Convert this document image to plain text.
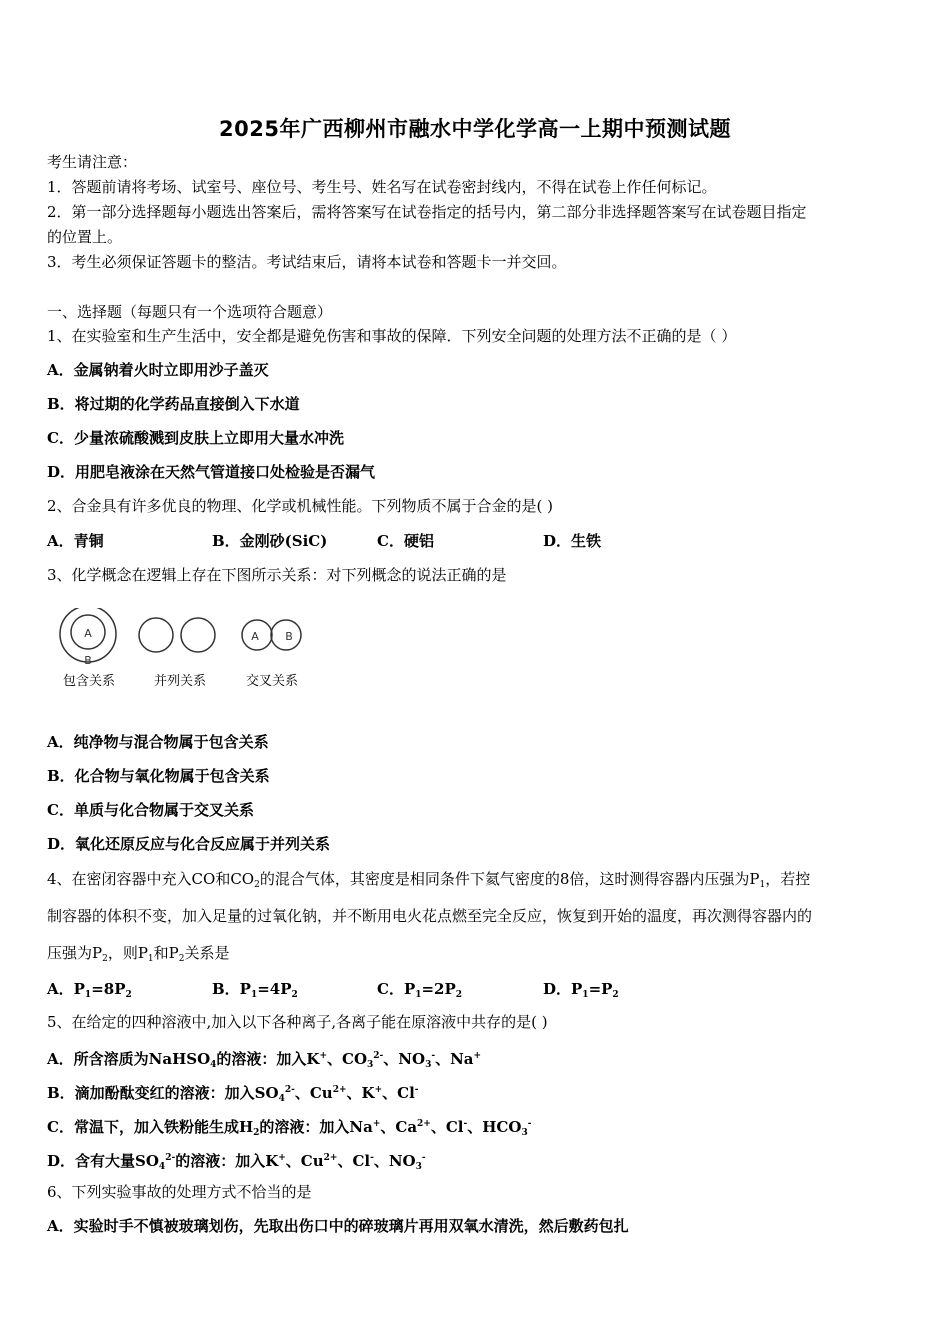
2025年广西柳州市融水中学化学高一上期中预测试题
考生请注意：
1．答题前请将考场、试室号、座位号、考生号、姓名写在试卷密封线内，不得在试卷上作任何标记。
2．第一部分选择题每小题选出答案后，需将答案写在试卷指定的括号内，第二部分非选择题答案写在试卷题目指定
的位置上。
3．考生必须保证答题卡的整洁。考试结束后，请将本试卷和答题卡一并交回。
一、选择题（每题只有一个选项符合题意）
1、在实验室和生产生活中，安全都是避免伤害和事故的保障．下列安全问题的处理方法不正确的是（ ）
A．金属钠着火时立即用沙子盖灭
B．将过期的化学药品直接倒入下水道
C．少量浓硫酸溅到皮肤上立即用大量水冲洗
D．用肥皂液涂在天然气管道接口处检验是否漏气
2、合金具有许多优良的物理、化学或机械性能。下列物质不属于合金的是( )
A．青铜	B．金刚砂(SiC)	C．硬铝	D．生铁
3、化学概念在逻辑上存在下图所示关系：对下列概念的说法正确的是
A
B
A B
包含关系	并列关系	交叉关系
A．纯净物与混合物属于包含关系
B．化合物与氧化物属于包含关系
C．单质与化合物属于交叉关系
D．氧化还原反应与化合反应属于并列关系
4、在密闭容器中充入CO和$CO_2$的混合气体，其密度是相同条件下氦气密度的8倍，这时测得容器内压强为$P_1$，若控
制容器的体积不变，加入足量的过氧化钠，并不断用电火花点燃至完全反应，恢复到开始的温度，再次测得容器内的
压强为$P_2$，则$P_1$和$P_2$关系是
A．$P_1=8P_2$	B．$P_1=4P_2$	C．$P_1=2P_2$	D．$P_1=P_2$
5、在给定的四种溶液中,加入以下各种离子,各离子能在原溶液中共存的是( )
A．所含溶质为NaHSO$_4$的溶液：加入K+、$CO_3^{2-}$、$NO_3^-$、Na+
B．滴加酚酞变红的溶液：加入$SO_4^{2-}$、$Cu^{2+}$、K+、Cl-
C．常温下，加入铁粉能生成$H_2$的溶液：加入Na+、$Ca^{2+}$、Cl-、$HCO_3^-$
D．含有大量$SO_4^{2-}$的溶液：加入K+、$Cu^{2+}$、Cl-、$NO_3^-$
6、下列实验事故的处理方式不恰当的是
A．实验时手不慎被玻璃划伤，先取出伤口中的碎玻璃片再用双氧水清洗，然后敷药包扎
